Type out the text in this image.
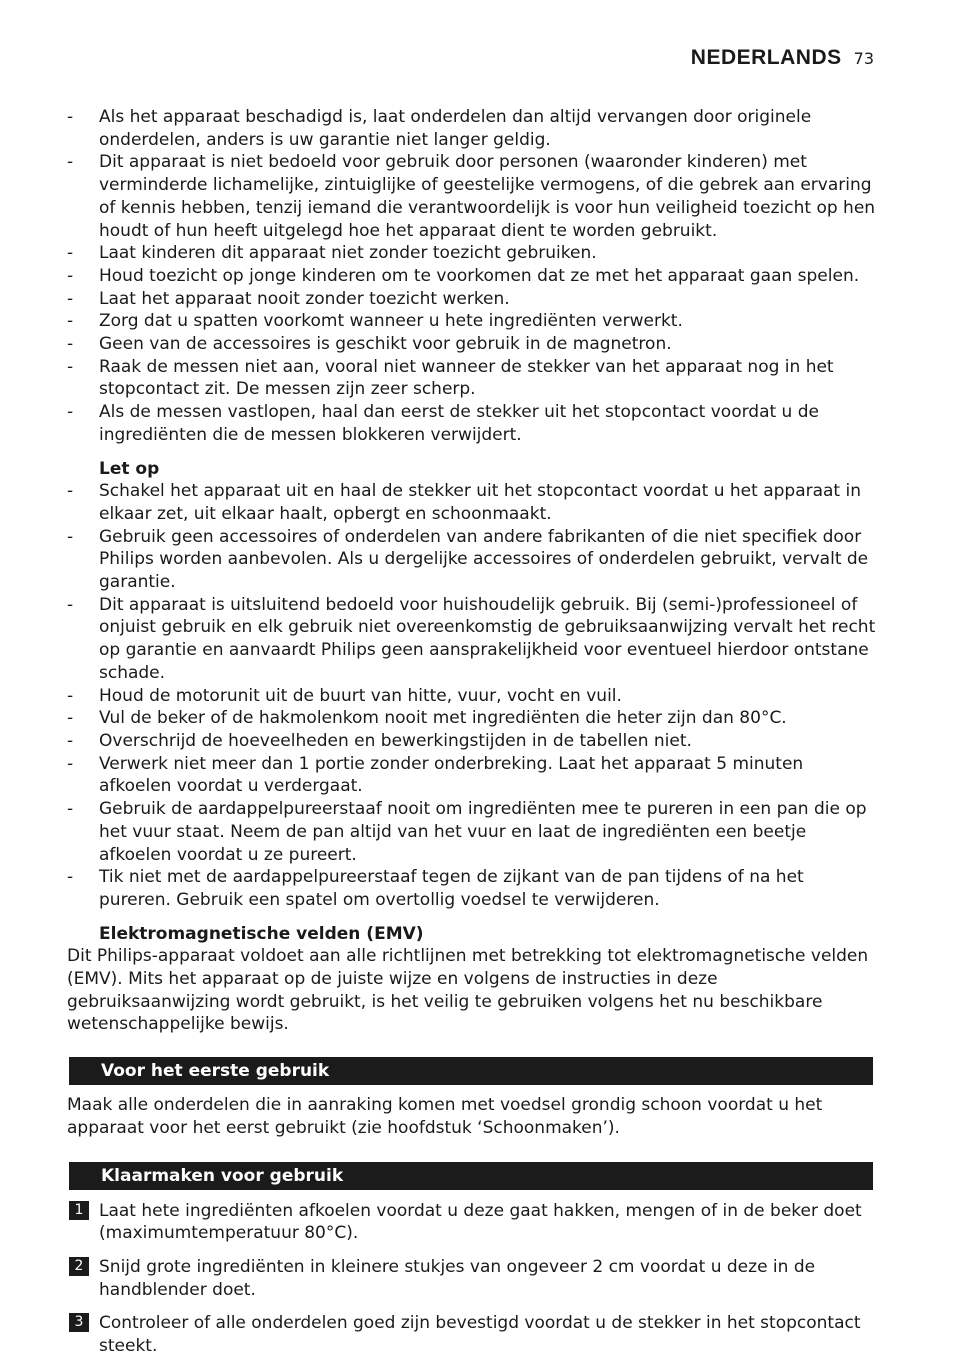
NEDERLANDS 73
- Als het apparaat beschadigd is, laat onderdelen dan altijd vervangen door originele onderdelen, anders is uw garantie niet langer geldig.
- Dit apparaat is niet bedoeld voor gebruik door personen (waaronder kinderen) met verminderde lichamelijke, zintuiglijke of geestelijke vermogens, of die gebrek aan ervaring of kennis hebben, tenzij iemand die verantwoordelijk is voor hun veiligheid toezicht op hen houdt of hun heeft uitgelegd hoe het apparaat dient te worden gebruikt.
- Laat kinderen dit apparaat niet zonder toezicht gebruiken.
- Houd toezicht op jonge kinderen om te voorkomen dat ze met het apparaat gaan spelen.
- Laat het apparaat nooit zonder toezicht werken.
- Zorg dat u spatten voorkomt wanneer u hete ingrediënten verwerkt.
- Geen van de accessoires is geschikt voor gebruik in de magnetron.
- Raak de messen niet aan, vooral niet wanneer de stekker van het apparaat nog in het stopcontact zit. De messen zijn zeer scherp.
- Als de messen vastlopen, haal dan eerst de stekker uit het stopcontact voordat u de ingrediënten die de messen blokkeren verwijdert.
Let op
- Schakel het apparaat uit en haal de stekker uit het stopcontact voordat u het apparaat in elkaar zet, uit elkaar haalt, opbergt en schoonmaakt.
- Gebruik geen accessoires of onderdelen van andere fabrikanten of die niet specifiek door Philips worden aanbevolen. Als u dergelijke accessoires of onderdelen gebruikt, vervalt de garantie.
- Dit apparaat is uitsluitend bedoeld voor huishoudelijk gebruik. Bij (semi-)professioneel of onjuist gebruik en elk gebruik niet overeenkomstig de gebruiksaanwijzing vervalt het recht op garantie en aanvaardt Philips geen aansprakelijkheid voor eventueel hierdoor ontstane schade.
- Houd de motorunit uit de buurt van hitte, vuur, vocht en vuil.
- Vul de beker of de hakmolenkom nooit met ingrediënten die heter zijn dan 80°C.
- Overschrijd de hoeveelheden en bewerkingstijden in de tabellen niet.
- Verwerk niet meer dan 1 portie zonder onderbreking. Laat het apparaat 5 minuten afkoelen voordat u verdergaat.
- Gebruik de aardappelpureerstaaf nooit om ingrediënten mee te pureren in een pan die op het vuur staat. Neem de pan altijd van het vuur en laat de ingrediënten een beetje afkoelen voordat u ze pureert.
- Tik niet met de aardappelpureerstaaf tegen de zijkant van de pan tijdens of na het pureren. Gebruik een spatel om overtollig voedsel te verwijderen.
Elektromagnetische velden (EMV)

Dit Philips-apparaat voldoet aan alle richtlijnen met betrekking tot elektromagnetische velden (EMV). Mits het apparaat op de juiste wijze en volgens de instructies in deze gebruiksaanwijzing wordt gebruikt, is het veilig te gebruiken volgens het nu beschikbare wetenschappelijke bewijs.

Voor het eerste gebruik

Maak alle onderdelen die in aanraking komen met voedsel grondig schoon voordat u het apparaat voor het eerst gebruikt (zie hoofdstuk ‘Schoonmaken’).

Klaarmaken voor gebruik
1 Laat hete ingrediënten afkoelen voordat u deze gaat hakken, mengen of in de beker doet (maximumtemperatuur 80°C).
2 Snijd grote ingrediënten in kleinere stukjes van ongeveer 2 cm voordat u deze in de handblender doet.
3 Controleer of alle onderdelen goed zijn bevestigd voordat u de stekker in het stopcontact steekt.
